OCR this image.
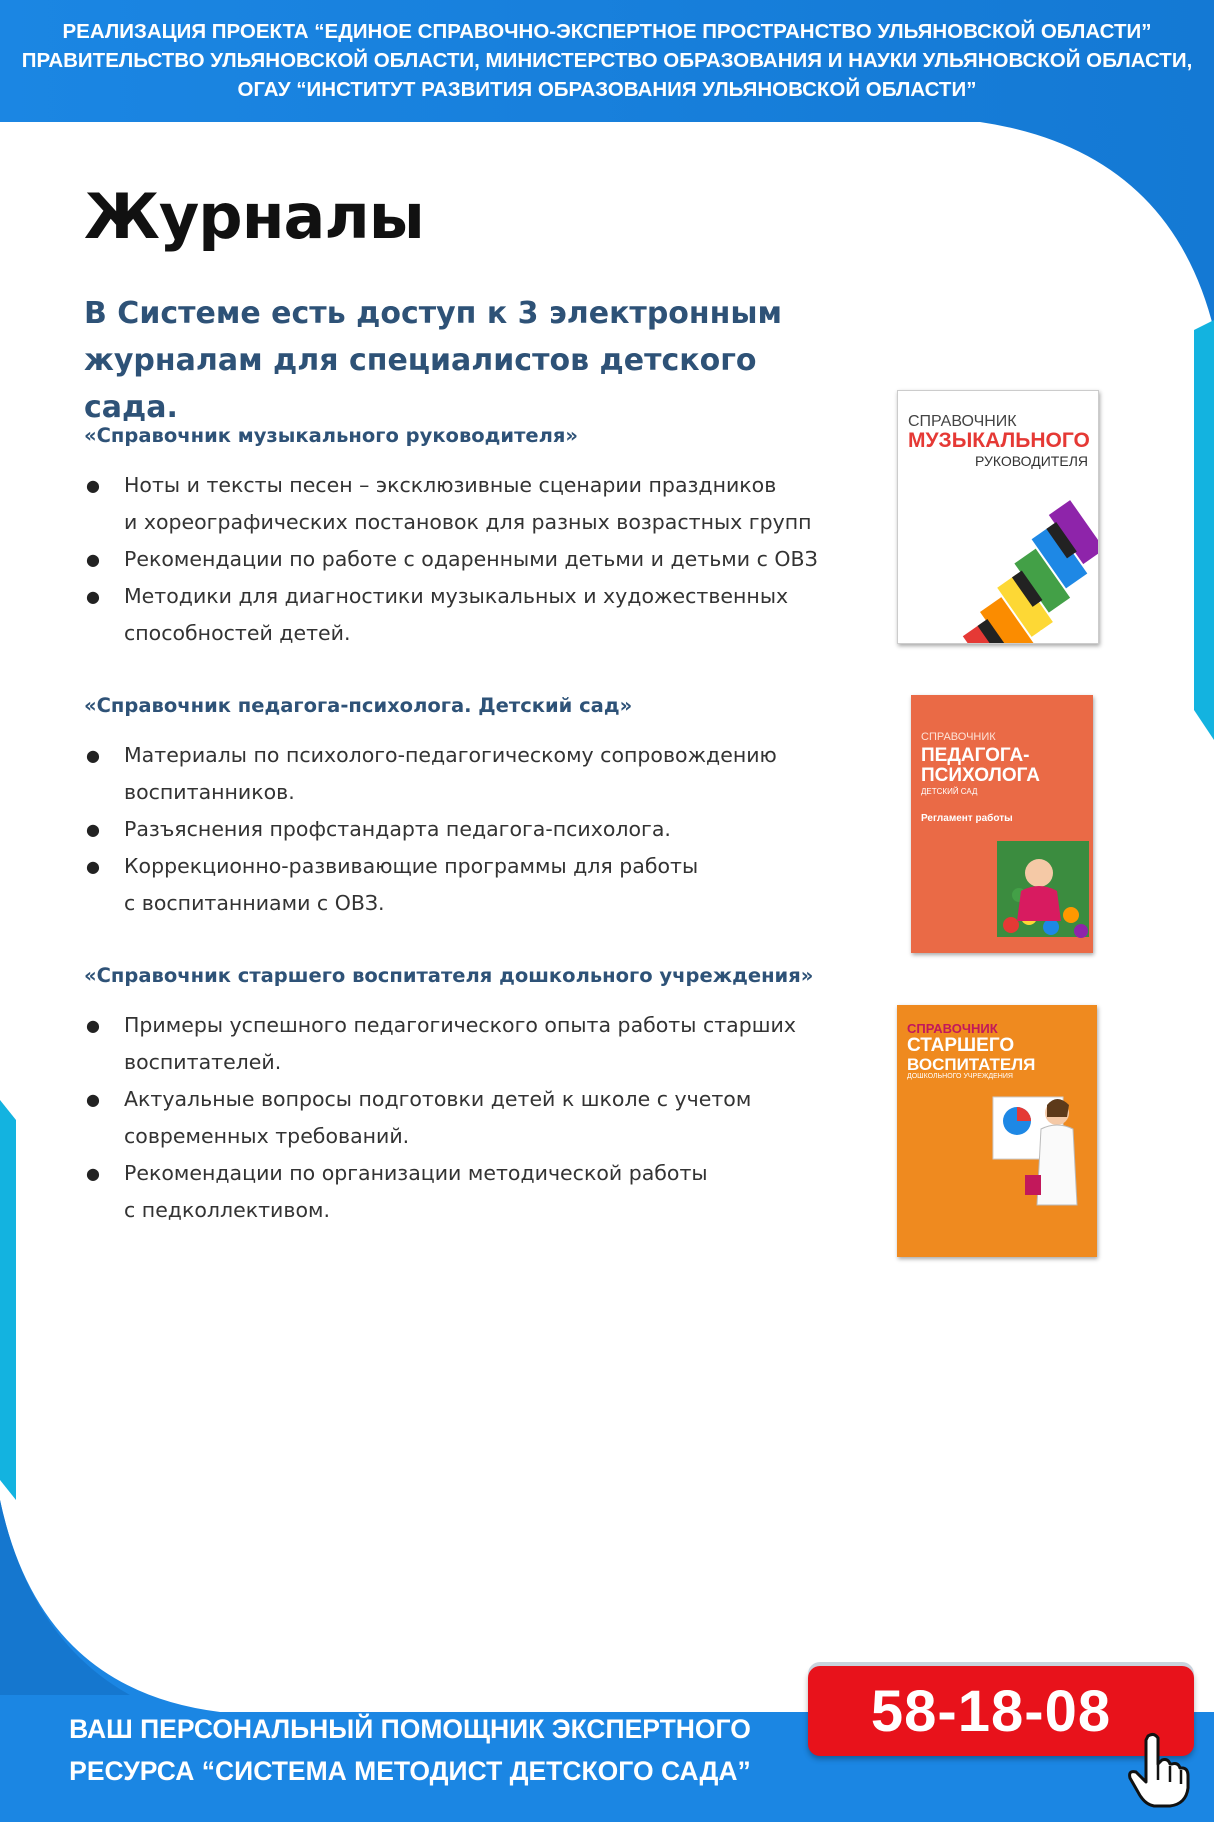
РЕАЛИЗАЦИЯ ПРОЕКТА “ЕДИНОЕ СПРАВОЧНО-ЭКСПЕРТНОЕ ПРОСТРАНСТВО УЛЬЯНОВСКОЙ ОБЛАСТИ”
ПРАВИТЕЛЬСТВО УЛЬЯНОВСКОЙ ОБЛАСТИ, МИНИСТЕРСТВО ОБРАЗОВАНИЯ И НАУКИ УЛЬЯНОВСКОЙ ОБЛАСТИ,
ОГАУ “ИНСТИТУТ РАЗВИТИЯ ОБРАЗОВАНИЯ УЛЬЯНОВСКОЙ ОБЛАСТИ”
Журналы

В Системе есть доступ к 3 электронным
журналам для специалистов детского сада.

«Справочник музыкального руководителя»
● Ноты и тексты песен – эксклюзивные сценарии праздников
и хореографических постановок для разных возрастных групп
● Рекомендации по работе с одаренными детьми и детьми с ОВЗ
● Методики для диагностики музыкальных и художественных
способностей детей.
«Справочник педагога-психолога. Детский сад»
● Материалы по психолого-педагогическому сопровождению
воспитанников.
● Разъяснения профстандарта педагога-психолога.
● Коррекционно-развивающие программы для работы
с воспитанниами с ОВЗ.
«Справочник старшего воспитателя дошкольного учреждения»
● Примеры успешного педагогического опыта работы старших
воспитателей.
● Актуальные вопросы подготовки детей к школе с учетом
современных требований.
● Рекомендации по организации методической работы
с педколлективом.
СПРАВОЧНИК
МУЗЫКАЛЬНОГО
РУКОВОДИТЕЛЯ
e.muz-ruk.ru
СПРАВОЧНИК
ПЕДАГОГА-
ПСИХОЛОГА
ДЕТСКИЙ САД
Регламент работы
СПРАВОЧНИК
СТАРШЕГО
ВОСПИТАТЕЛЯ
ДОШКОЛЬНОГО УЧРЕЖДЕНИЯ

ВАШ ПЕРСОНАЛЬНЫЙ ПОМОЩНИК ЭКСПЕРТНОГО
РЕСУРСА “СИСТЕМА МЕТОДИСТ ДЕТСКОГО САДА”

58-18-08
